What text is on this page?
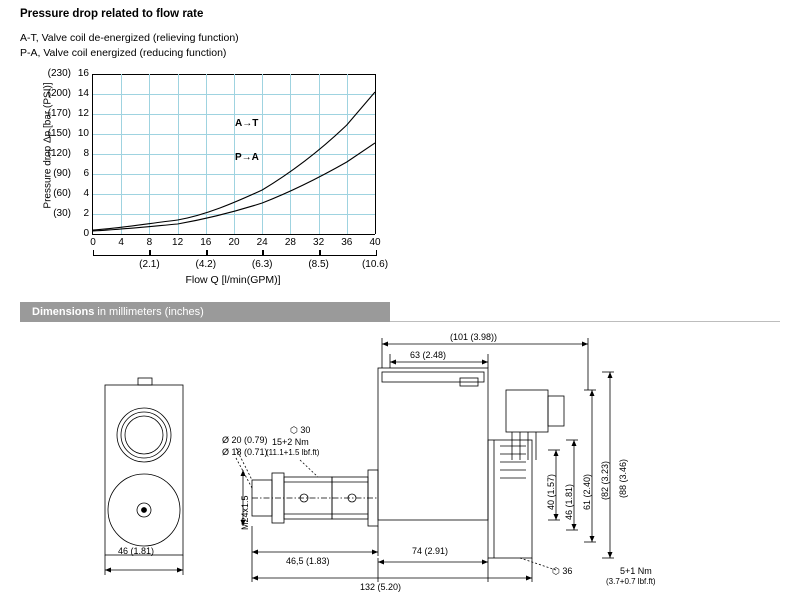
Pressure drop related to flow rate
A-T, Valve coil de-energized (relieving function)
P-A, Valve coil energized (reducing function)
Pressure drop Δp [bar (PSI)]
0
2
4
6
8
10
12
14
16
(30)
(60)
(90)
(120)
(150)
(170)
(200)
(230)
0 4 8 12 16 20 24 28 32 36 40
(2.1)	(4.2)	(6.3)	(8.5)	(10.6)
A→T
P→A
Flow Q [l/min(GPM)]
Dimensions in millimeters (inches)
46 (1.81)
M24x1.5
Ø 20 (0.79)
Ø 18 (0.71)
15+2 Nm
(11.1+1.5 lbf.ft)
⬡ 30
46,5 (1.83)
74 (2.91)
132 (5.20)
(101 (3.98))
63 (2.48)
40 (1.57) 46 (1.81) 61 (2.40) (82 (3.23) (88 (3.46)
⬡ 36	5+1 Nm
(3.7+0.7 lbf.ft)
